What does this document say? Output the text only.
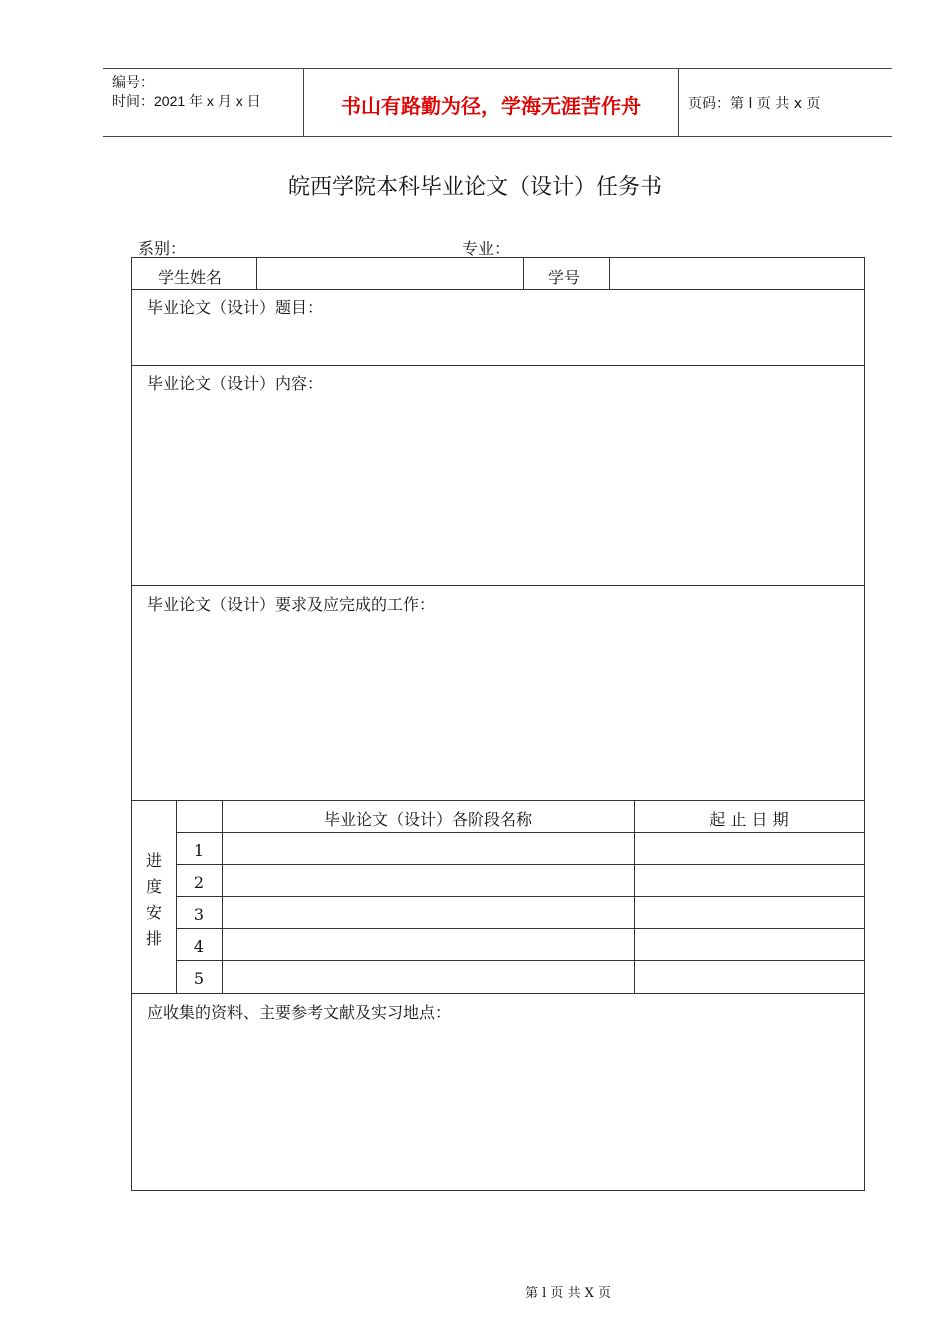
编号：
时间：2021 年 x 月 x 日	书山有路勤为径，学海无涯苦作舟	页码：第 l 页 共 x 页
皖西学院本科毕业论文（设计）任务书
系别：	专业：
学生姓名	学号
毕业论文（设计）题目：
毕业论文（设计）内容：
毕业论文（设计）要求及应完成的工作：
进
度
安
排
毕业论文（设计）各阶段名称	起 止 日 期
1
2
3
4
5
应收集的资料、主要参考文献及实习地点：
第 l 页 共 X 页
